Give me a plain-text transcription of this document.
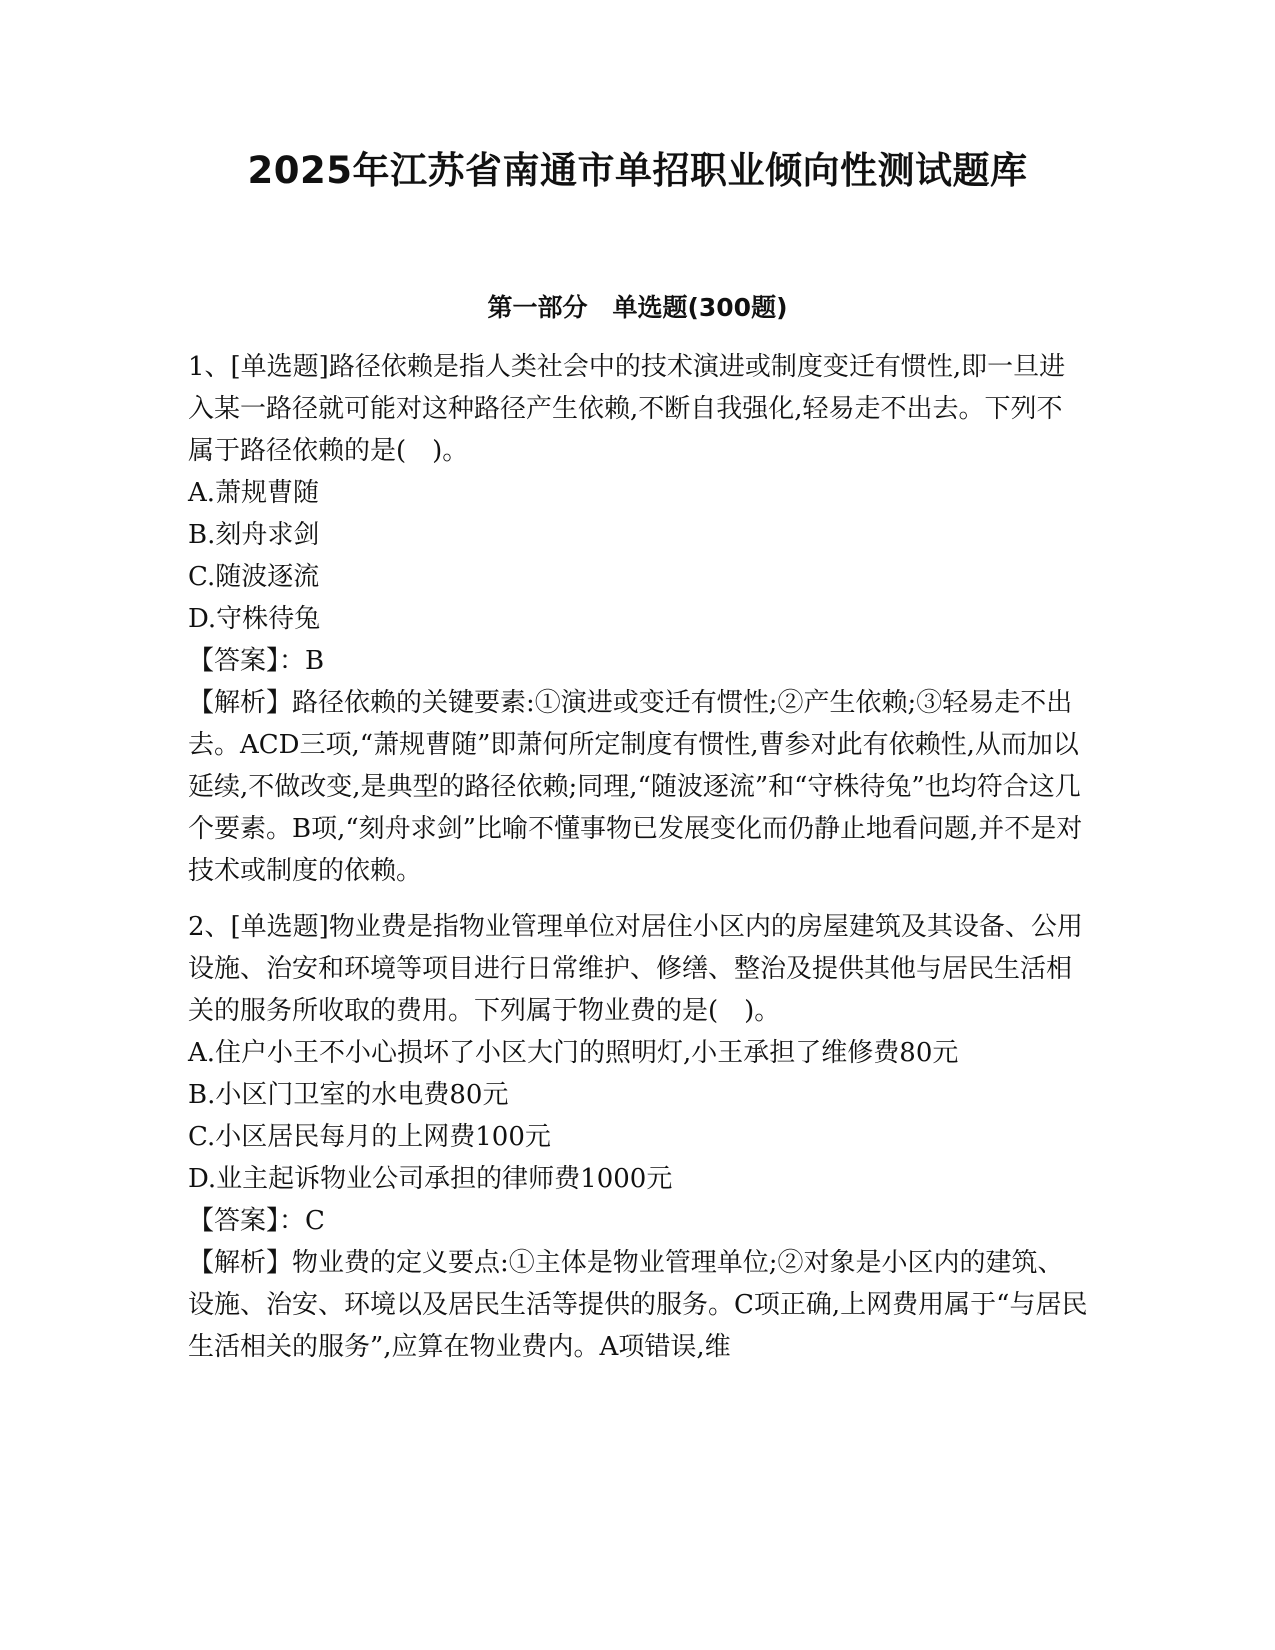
2025年江苏省南通市单招职业倾向性测试题库
第一部分　单选题(300题)

1、[单选题]路径依赖是指人类社会中的技术演进或制度变迁有惯性,即一旦进入某一路径就可能对这种路径产生依赖,不断自我强化,轻易走不出去。下列不属于路径依赖的是(　)。

A.萧规曹随

B.刻舟求剑

C.随波逐流

D.守株待兔

【答案】：B

【解析】路径依赖的关键要素:①演进或变迁有惯性;②产生依赖;③轻易走不出去。ACD三项,“萧规曹随”即萧何所定制度有惯性,曹参对此有依赖性,从而加以延续,不做改变,是典型的路径依赖;同理,“随波逐流”和“守株待兔”也均符合这几个要素。B项,“刻舟求剑”比喻不懂事物已发展变化而仍静止地看问题,并不是对技术或制度的依赖。

2、[单选题]物业费是指物业管理单位对居住小区内的房屋建筑及其设备、公用设施、治安和环境等项目进行日常维护、修缮、整治及提供其他与居民生活相关的服务所收取的费用。下列属于物业费的是(　)。

A.住户小王不小心损坏了小区大门的照明灯,小王承担了维修费80元

B.小区门卫室的水电费80元

C.小区居民每月的上网费100元

D.业主起诉物业公司承担的律师费1000元

【答案】：C

【解析】物业费的定义要点:①主体是物业管理单位;②对象是小区内的建筑、设施、治安、环境以及居民生活等提供的服务。C项正确,上网费用属于“与居民生活相关的服务”,应算在物业费内。A项错误,维
